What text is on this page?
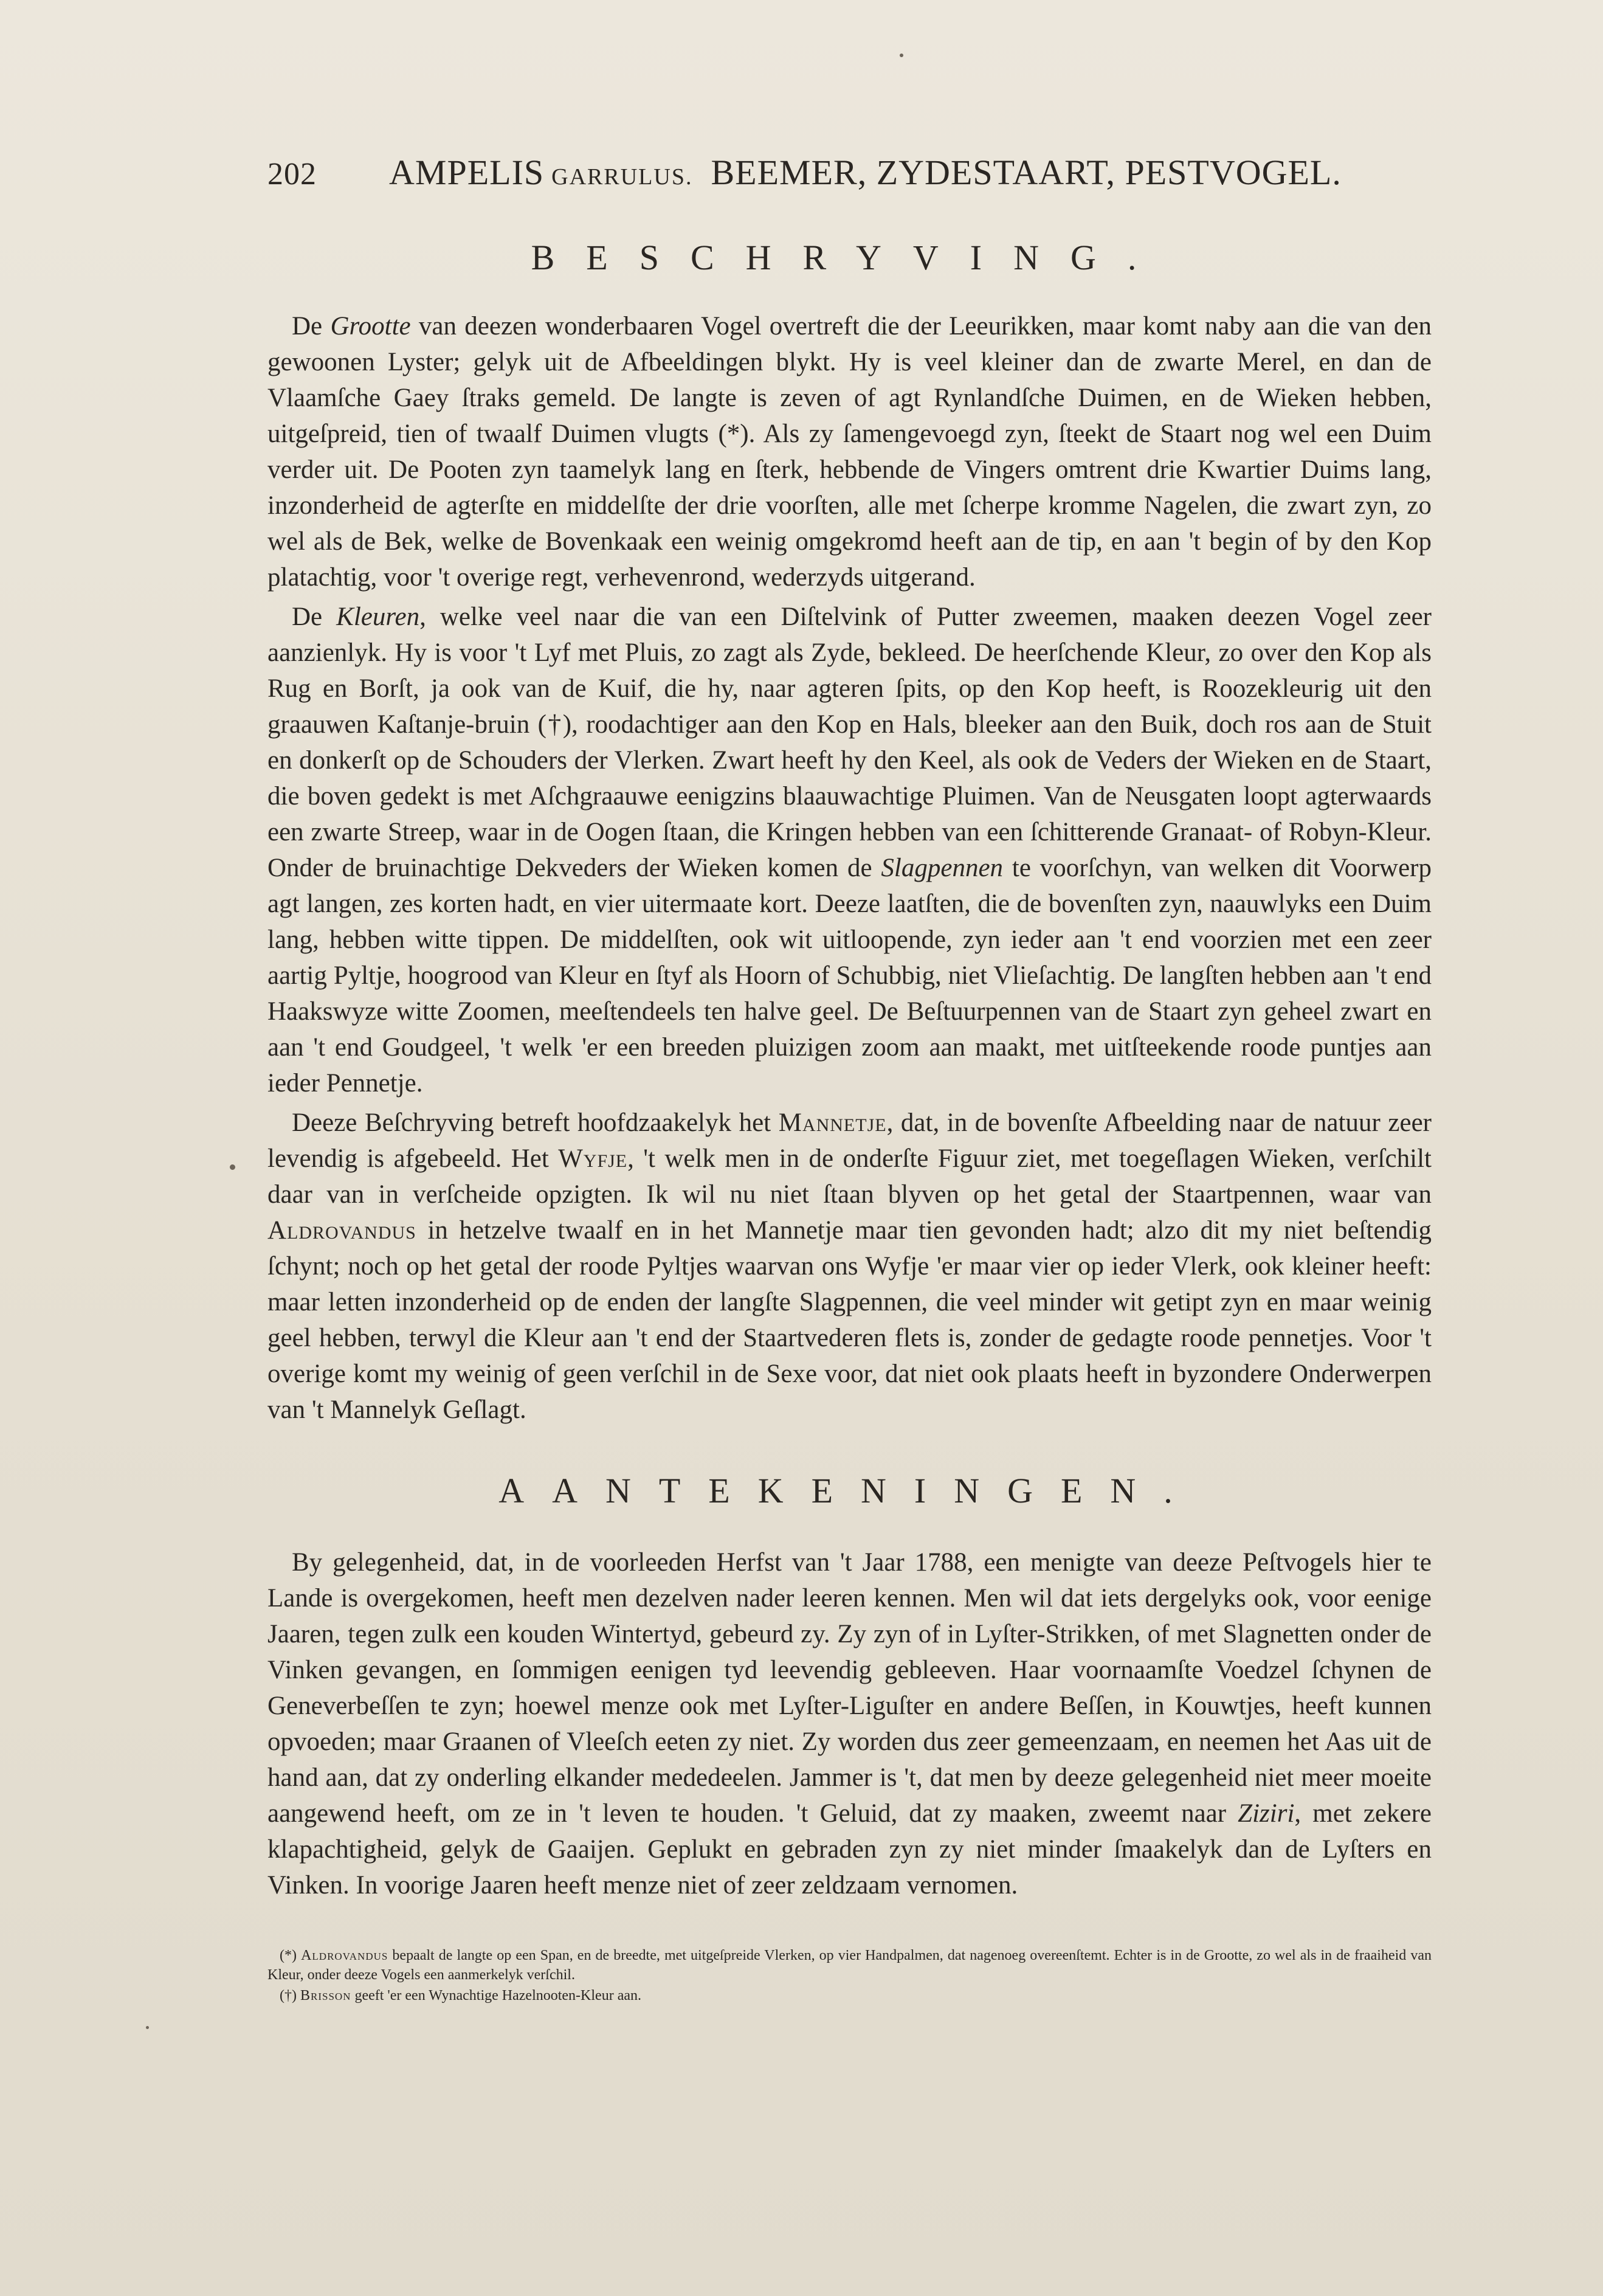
202	AMPELIS GARRULUS. BEEMER, ZYDESTAART, PESTVOGEL.
BESCHRYVING.

De Grootte van deezen wonderbaaren Vogel overtreft die der Leeurikken, maar komt naby aan die van den gewoonen Lyster; gelyk uit de Afbeeldingen blykt. Hy is veel kleiner dan de zwarte Merel, en dan de Vlaamſche Gaey ſtraks gemeld. De langte is zeven of agt Rynlandſche Duimen, en de Wieken hebben, uitgeſpreid, tien of twaalf Duimen vlugts (*). Als zy ſamengevoegd zyn, ſteekt de Staart nog wel een Duim verder uit. De Pooten zyn taamelyk lang en ſterk, hebbende de Vingers omtrent drie Kwartier Duims lang, inzonderheid de agterſte en middelſte der drie voorſten, alle met ſcherpe kromme Nagelen, die zwart zyn, zo wel als de Bek, welke de Bovenkaak een weinig omgekromd heeft aan de tip, en aan 't begin of by den Kop platachtig, voor 't overige regt, verhevenrond, wederzyds uitgerand.

De Kleuren, welke veel naar die van een Diſtelvink of Putter zweemen, maaken deezen Vogel zeer aanzienlyk. Hy is voor 't Lyf met Pluis, zo zagt als Zyde, bekleed. De heerſchende Kleur, zo over den Kop als Rug en Borſt, ja ook van de Kuif, die hy, naar agteren ſpits, op den Kop heeft, is Roozekleurig uit den graauwen Kaſtanje-bruin (†), roodachtiger aan den Kop en Hals, bleeker aan den Buik, doch ros aan de Stuit en donkerſt op de Schouders der Vlerken. Zwart heeft hy den Keel, als ook de Veders der Wieken en de Staart, die boven gedekt is met Aſchgraauwe eenigzins blaauwachtige Pluimen. Van de Neusgaten loopt agterwaards een zwarte Streep, waar in de Oogen ſtaan, die Kringen hebben van een ſchitterende Granaat- of Robyn-Kleur. Onder de bruinachtige Dekveders der Wieken komen de Slagpennen te voorſchyn, van welken dit Voorwerp agt langen, zes korten hadt, en vier uitermaate kort. Deeze laatſten, die de bovenſten zyn, naauwlyks een Duim lang, hebben witte tippen. De middelſten, ook wit uitloopende, zyn ieder aan 't end voorzien met een zeer aartig Pyltje, hoogrood van Kleur en ſtyf als Hoorn of Schubbig, niet Vlieſachtig. De langſten hebben aan 't end Haakswyze witte Zoomen, meeſtendeels ten halve geel. De Beſtuurpennen van de Staart zyn geheel zwart en aan 't end Goudgeel, 't welk 'er een breeden pluizigen zoom aan maakt, met uitſteekende roode puntjes aan ieder Pennetje.

Deeze Beſchryving betreft hoofdzaakelyk het Mannetje, dat, in de bovenſte Afbeelding naar de natuur zeer levendig is afgebeeld. Het Wyfje, 't welk men in de onderſte Figuur ziet, met toegeſlagen Wieken, verſchilt daar van in verſcheide opzigten. Ik wil nu niet ſtaan blyven op het getal der Staartpennen, waar van Aldrovandus in hetzelve twaalf en in het Mannetje maar tien gevonden hadt; alzo dit my niet beſtendig ſchynt; noch op het getal der roode Pyltjes waarvan ons Wyfje 'er maar vier op ieder Vlerk, ook kleiner heeft: maar letten inzonderheid op de enden der langſte Slagpennen, die veel minder wit getipt zyn en maar weinig geel hebben, terwyl die Kleur aan 't end der Staartvederen flets is, zonder de gedagte roode pennetjes. Voor 't overige komt my weinig of geen verſchil in de Sexe voor, dat niet ook plaats heeft in byzondere Onderwerpen van 't Mannelyk Geſlagt.

AANTEKENINGEN.

By gelegenheid, dat, in de voorleeden Herfst van 't Jaar 1788, een menigte van deeze Peſtvogels hier te Lande is overgekomen, heeft men dezelven nader leeren kennen. Men wil dat iets dergelyks ook, voor eenige Jaaren, tegen zulk een kouden Wintertyd, gebeurd zy. Zy zyn of in Lyſter-Strikken, of met Slagnetten onder de Vinken gevangen, en ſommigen eenigen tyd leevendig gebleeven. Haar voornaamſte Voedzel ſchynen de Geneverbeſſen te zyn; hoewel menze ook met Lyſter-Liguſter en andere Beſſen, in Kouwtjes, heeft kunnen opvoeden; maar Graanen of Vleeſch eeten zy niet. Zy worden dus zeer gemeenzaam, en neemen het Aas uit de hand aan, dat zy onderling elkander mededeelen. Jammer is 't, dat men by deeze gelegenheid niet meer moeite aangewend heeft, om ze in 't leven te houden. 't Geluid, dat zy maaken, zweemt naar Ziziri, met zekere klapachtigheid, gelyk de Gaaijen. Geplukt en gebraden zyn zy niet minder ſmaakelyk dan de Lyſters en Vinken. In voorige Jaaren heeft menze niet of zeer zeldzaam vernomen.

(*) Aldrovandus bepaalt de langte op een Span, en de breedte, met uitgeſpreide Vlerken, op vier Handpalmen, dat nagenoeg overeenſtemt. Echter is in de Grootte, zo wel als in de fraaiheid van Kleur, onder deeze Vogels een aanmerkelyk verſchil.

(†) Brisson geeft 'er een Wynachtige Hazelnooten-Kleur aan.
